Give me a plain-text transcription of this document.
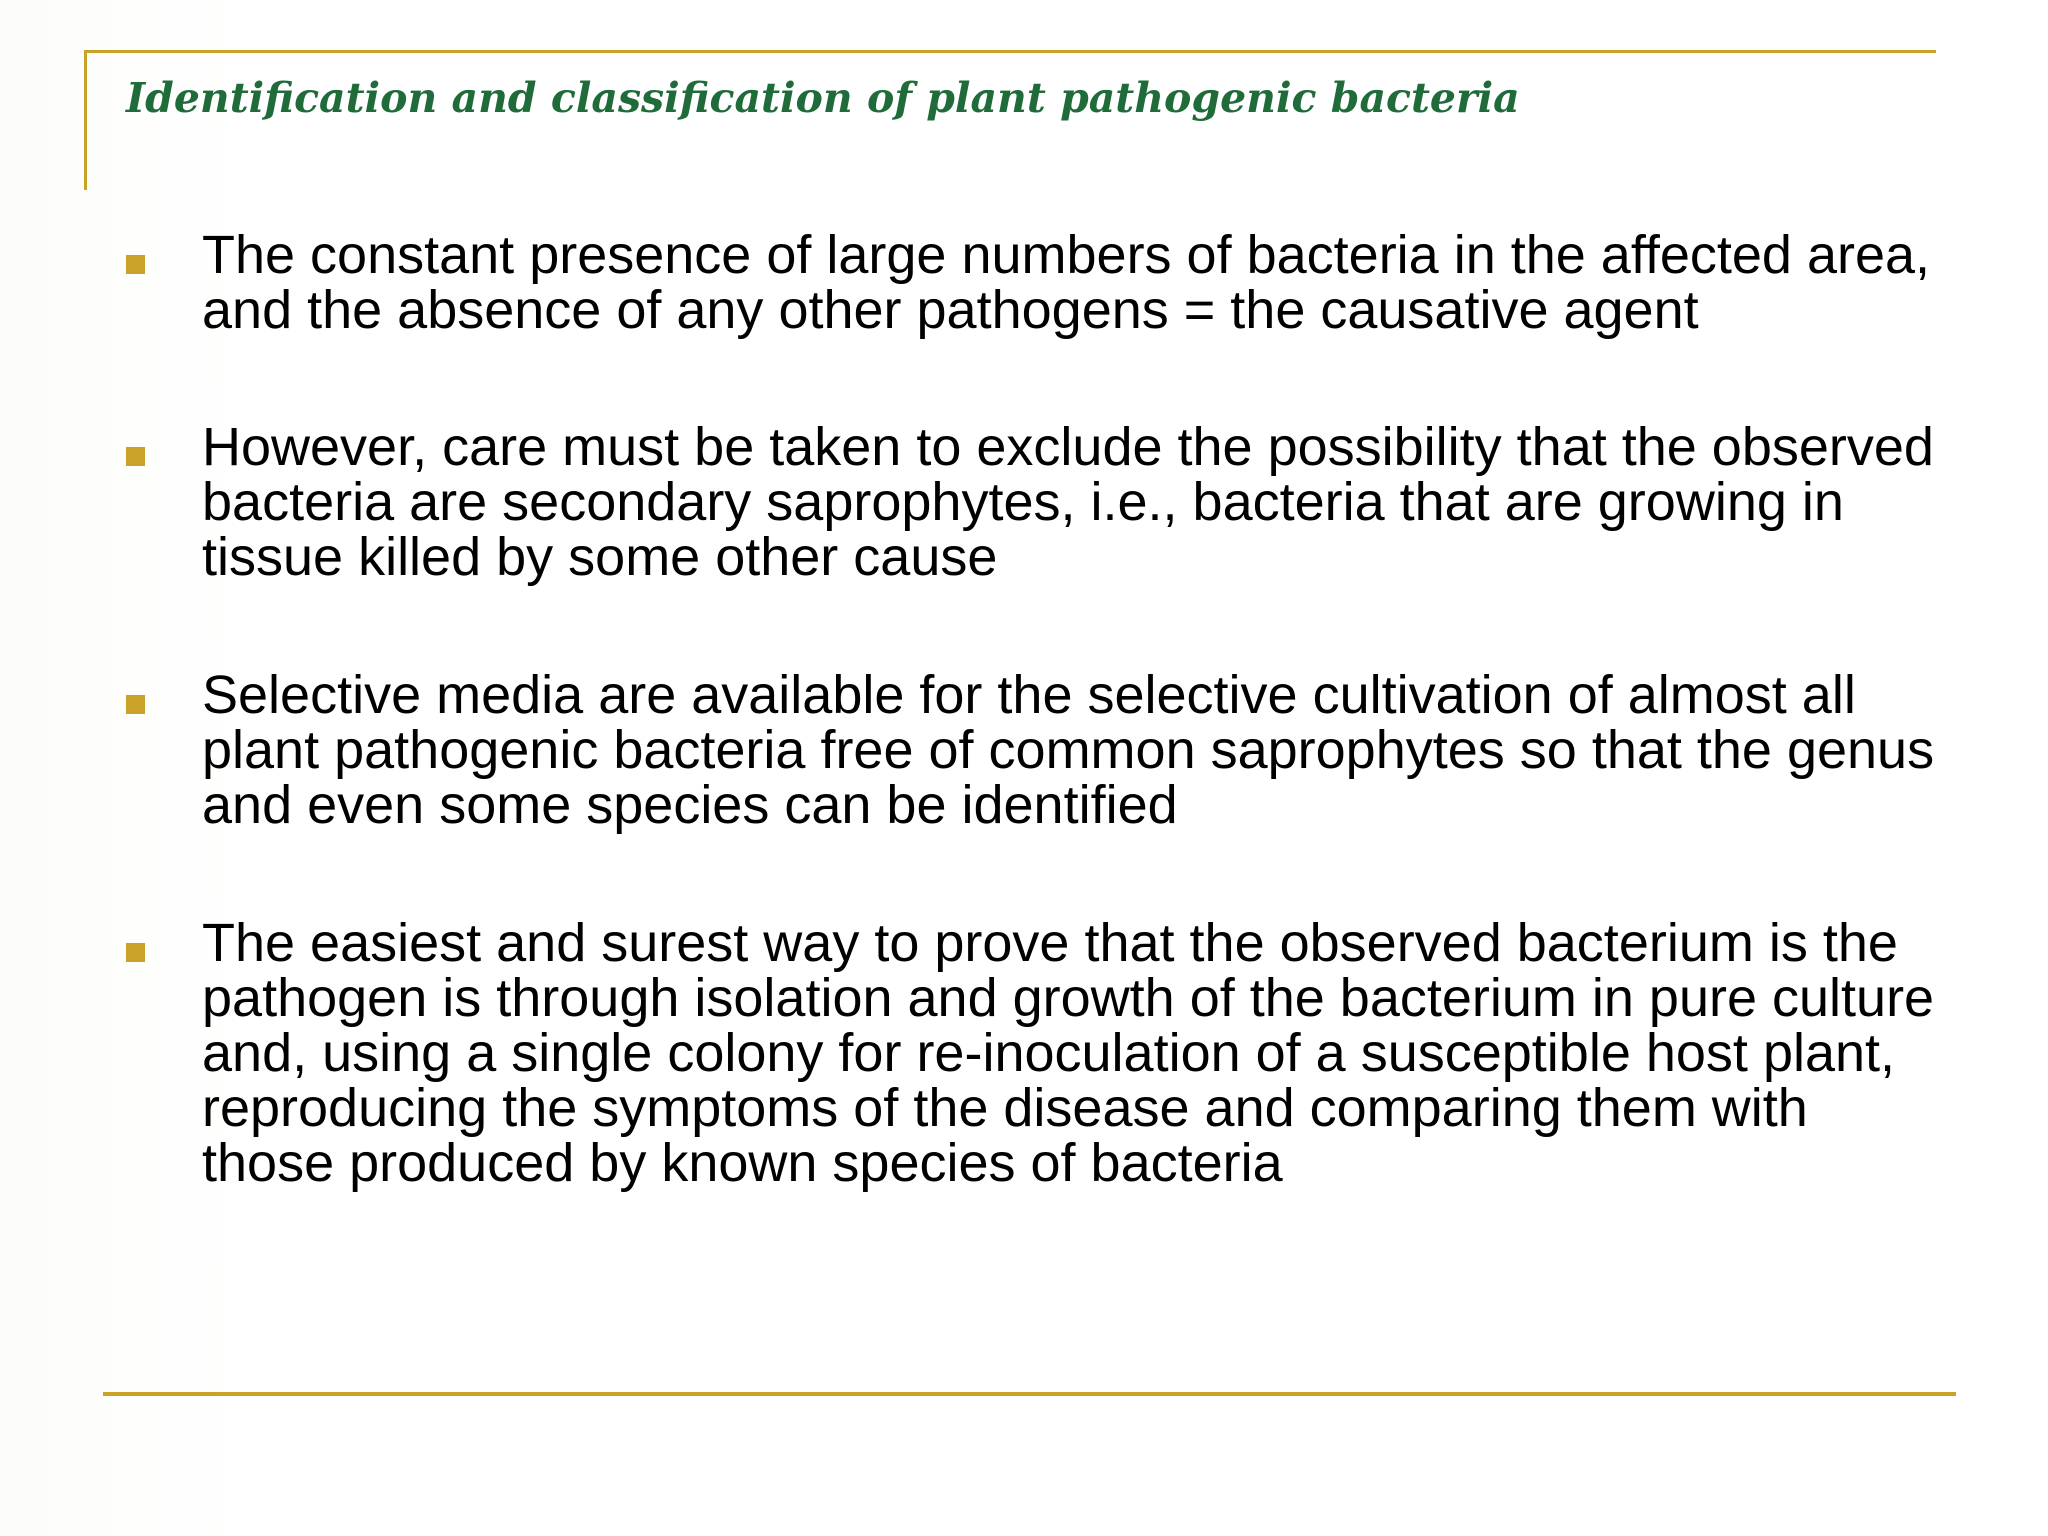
Identification and classification of plant pathogenic bacteria

The constant presence of large numbers of bacteria in the affected area, and the absence of any other pathogens = the causative agent

However, care must be taken to exclude the possibility that the observed bacteria are secondary saprophytes, i.e., bacteria that are growing in tissue killed by some other cause

Selective media are available for the selective cultivation of almost all plant pathogenic bacteria free of common saprophytes so that the genus and even some species can be identified

The easiest and surest way to prove that the observed bacterium is the pathogen is through isolation and growth of the bacterium in pure culture and, using a single colony for re-inoculation of a susceptible host plant, reproducing the symptoms of the disease and comparing them with those produced by known species of bacteria
